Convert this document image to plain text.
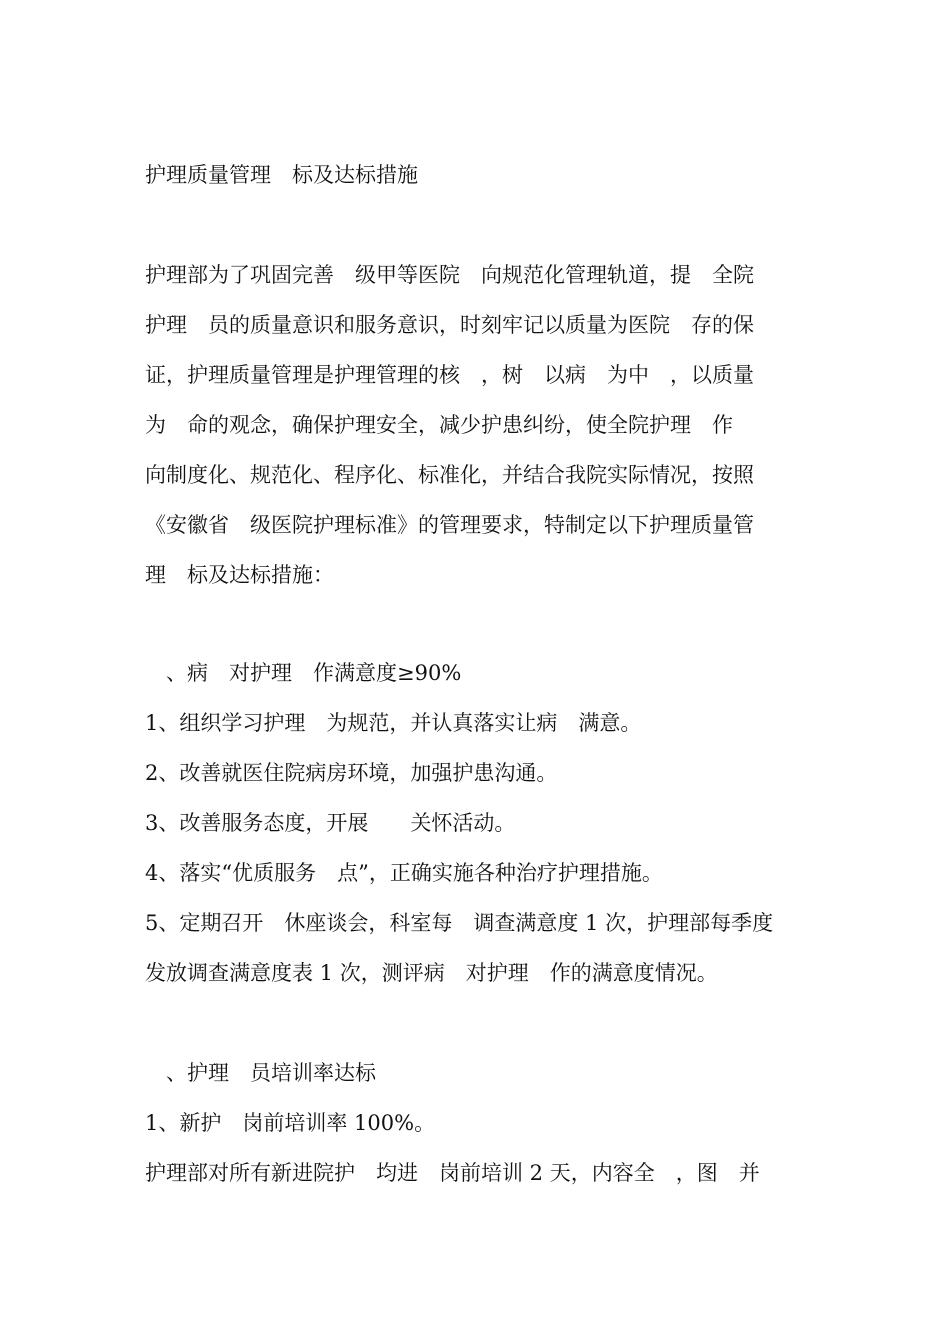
护理质量管理　标及达标措施
护理部为了巩固完善　级甲等医院　向规范化管理轨道，提　全院
护理　员的质量意识和服务意识，时刻牢记以质量为医院　存的保
证，护理质量管理是护理管理的核　，树　以病　为中　，以质量
为　命的观念，确保护理安全，减少护患纠纷，使全院护理　作
向制度化、规范化、程序化、标准化，并结合我院实际情况，按照
《安徽省　级医院护理标准》的管理要求，特制定以下护理质量管
理　标及达标措施：
　、病　对护理　作满意度≥90%
1、组织学习护理　为规范，并认真落实让病　满意。
2、改善就医住院病房环境，加强护患沟通。
3、改善服务态度，开展　　关怀活动。
4、落实“优质服务　点”，正确实施各种治疗护理措施。
5、定期召开　休座谈会，科室每　调查满意度 1 次，护理部每季度
发放调查满意度表 1 次，测评病　对护理　作的满意度情况。
　、护理　员培训率达标
1、新护　岗前培训率 100%。
护理部对所有新进院护　均进　岗前培训 2 天，内容全　，图　并
